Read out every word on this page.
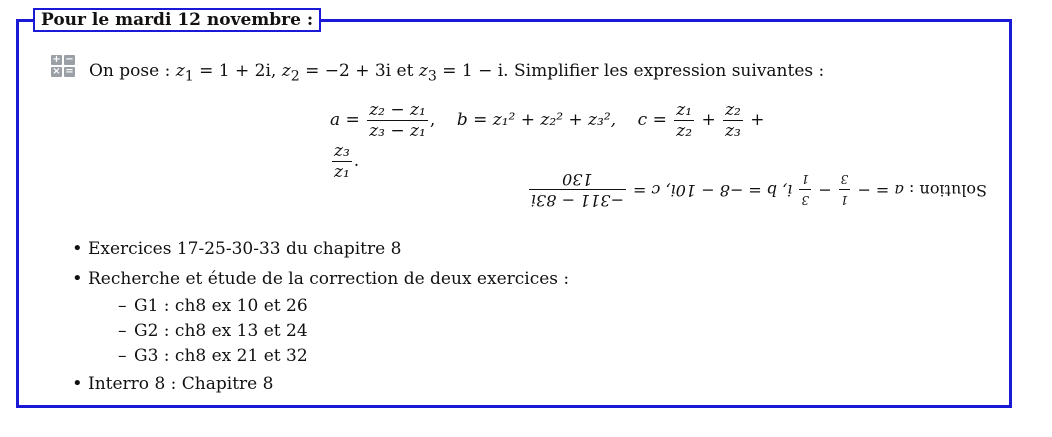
Pour le mardi 12 novembre :
+ −
× = On pose : $z_1 = 1 + 2i$, $z_2 = -2 + 3i$ et $z_3 = 1 - i$. Simplifier les expression suivantes :
$a = \frac{\text{z₂ − z₁}}{\text{z₃ − z₁}}$ , b = z₁² + z₂² + z₃², $c = \frac{\text{z₁}}{\text{z₂}} + \frac{\text{z₂}}{\text{z₃}}$ +
$\frac{\text{z₃}}{\text{z₁}}$ .
Solution : a = −
1
3
−
3
1
i, b = −8 − 10i, c =
−311 − 83i
130
• Exercices 17-25-30-33 du chapitre 8
• Recherche et étude de la correction de deux exercices :
– G1 : ch8 ex 10 et 26
– G2 : ch8 ex 13 et 24
– G3 : ch8 ex 21 et 32
• Interro 8 : Chapitre 8
